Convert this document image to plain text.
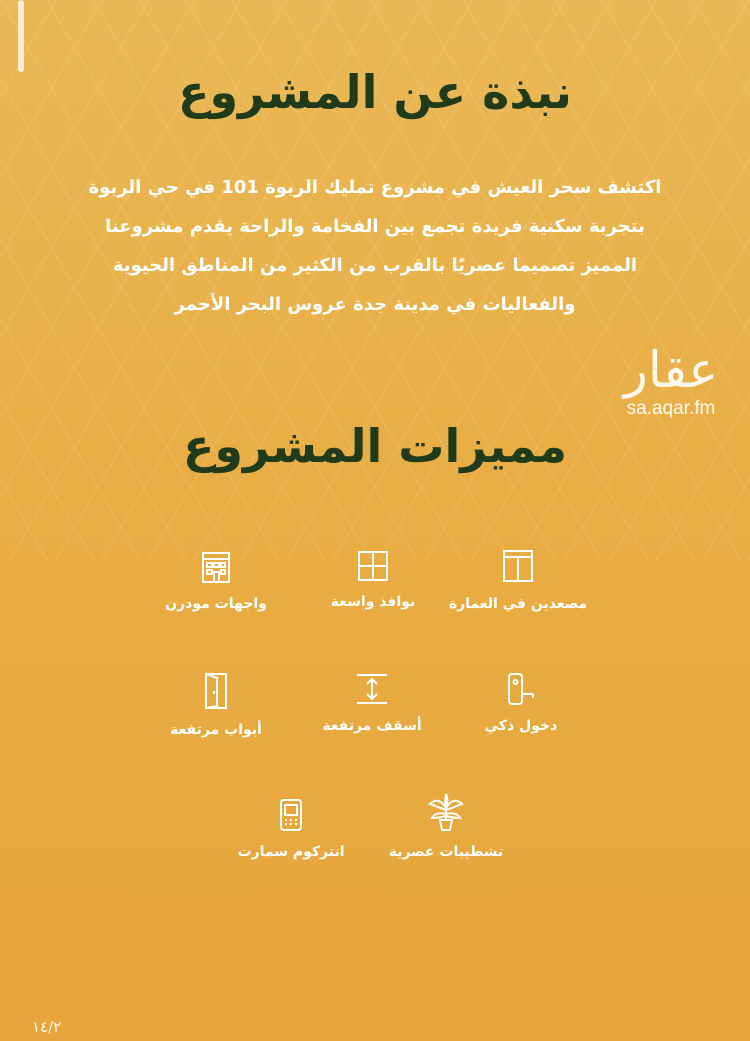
نبذة عن المشروع
اكتشف سحر العيش في مشروع تمليك الربوة 101 في حي الربوة بتجربة سكنية فريدة تجمع بين الفخامة والراحة يقدم مشروعنا المميز تصميما عصريًا بالقرب من الكثير من المناطق الحيوية والفعاليات في مدينة جدة عروس البحر الأحمر
عقار
sa.aqar.fm
مميزات المشروع
مصعدين في العمارة
نوافذ واسعة
واجهات مودرن
دخول ذكي
أسقف مرتفعة
أبواب مرتفعة
تشطيبات عصرية
انتركوم سمارت
١٤/٢
